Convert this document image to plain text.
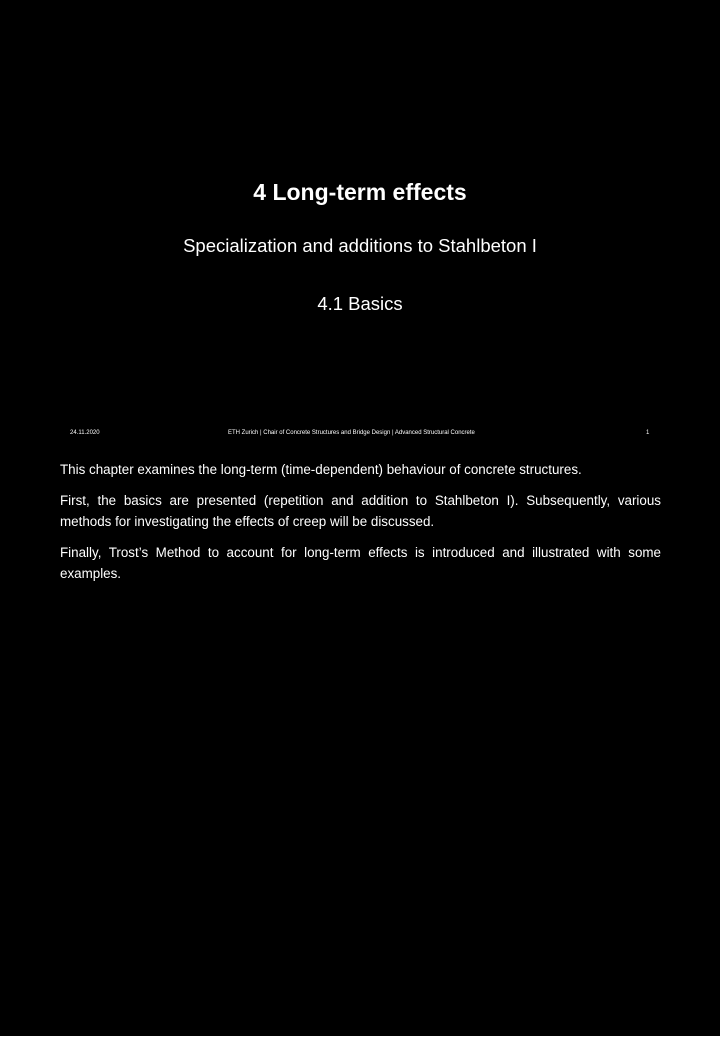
4 Long-term effects

Specialization and additions to Stahlbeton I

4.1 Basics

24.11.2020	ETH Zurich | Chair of Concrete Structures and Bridge Design | Advanced Structural Concrete	1

This chapter examines the long-term (time-dependent) behaviour of concrete structures.

First, the basics are presented (repetition and addition to Stahlbeton I). Subsequently, various methods for investigating the effects of creep will be discussed.

Finally, Trost’s Method to account for long-term effects is introduced and illustrated with some examples.
